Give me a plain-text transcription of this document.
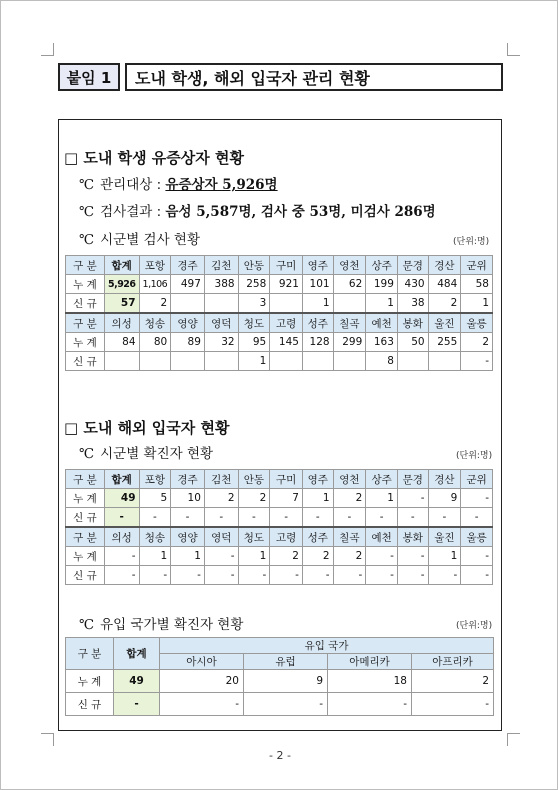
붙임 1	도내 학생, 해외 입국자 관리 현황
□ 도내 학생 유증상자 현황
℃ 관리대상 : 유증상자 5,926명
℃ 검사결과 : 음성 5,587명, 검사 중 53명, 미검사 286명
℃ 시군별 검사 현황	(단위:명)
구 분	합계	포항	경주	김천	안동	구미	영주	영천	상주	문경	경산	군위
누 계	5,926	1,106	497	388	258	921	101	62	199	430	484	58
신 규	57	2			3		1		1	38	2	1
구 분	의성	청송	영양	영덕	청도	고령	성주	칠곡	예천	봉화	울진	울릉
누 계	84	80	89	32	95	145	128	299	163	50	255	2
신 규					1				8			-
□ 도내 해외 입국자 현황
℃ 시군별 확진자 현황	(단위:명)
구 분	합계	포항	경주	김천	안동	구미	영주	영천	상주	문경	경산	군위
누 계	49	5	10	2	2	7	1	2	1	-	9	-
신 규	-	-	-	-	-	-	-	-	-	-	-	-
구 분	의성	청송	영양	영덕	청도	고령	성주	칠곡	예천	봉화	울진	울릉
누 계	-	1	1	-	1	2	2	2	-	-	1	-
신 규	-	-	-	-	-	-	-	-	-	-	-	-
℃ 유입 국가별 확진자 현황	(단위:명)
구 분	합계	유입 국가			
		아시아	유럽	아메리카	아프리카
누 계	49	20	9	18	2
신 규	-	-	-	-	-
- 2 -
